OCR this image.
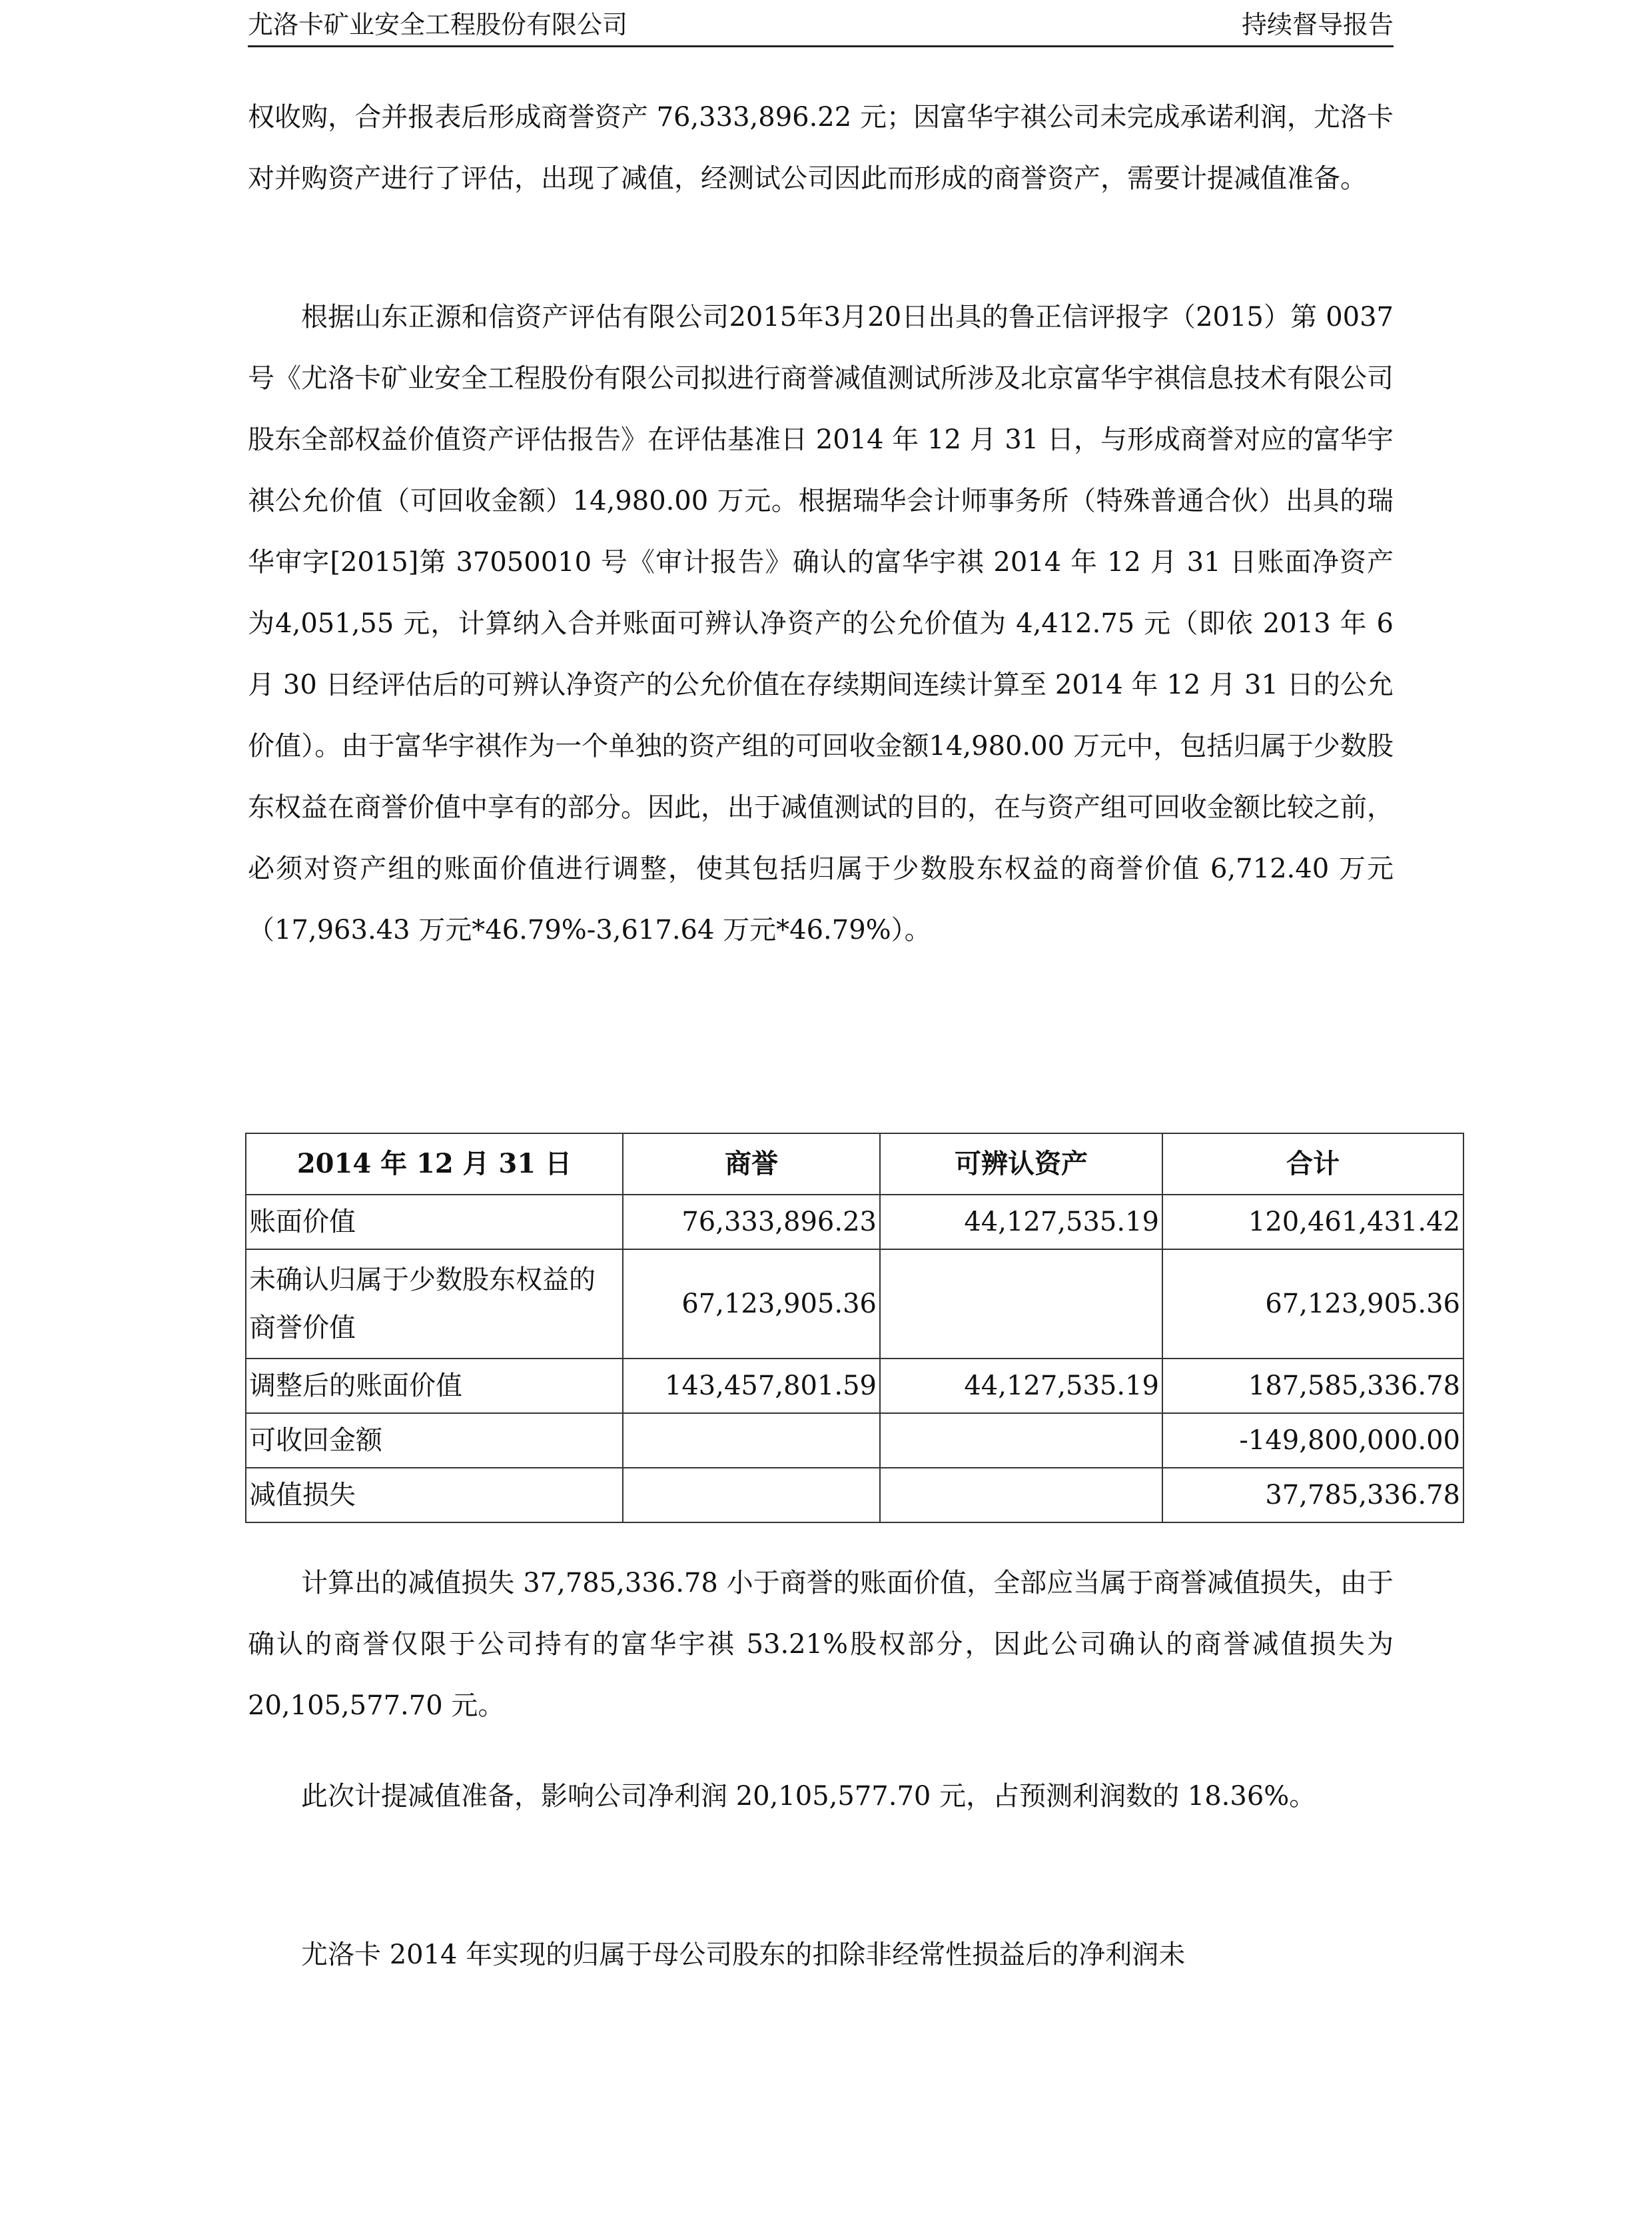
尤洛卡矿业安全工程股份有限公司	持续督导报告

权收购，合并报表后形成商誉资产 76,333,896.22 元；因富华宇祺公司未完成承诺利润，尤洛卡对并购资产进行了评估，出现了减值，经测试公司因此而形成的商誉资产，需要计提减值准备。

根据山东正源和信资产评估有限公司2015年3月20日出具的鲁正信评报字（2015）第 0037 号《尤洛卡矿业安全工程股份有限公司拟进行商誉减值测试所涉及北京富华宇祺信息技术有限公司股东全部权益价值资产评估报告》在评估基准日 2014 年 12 月 31 日，与形成商誉对应的富华宇祺公允价值（可回收金额）14,980.00 万元。根据瑞华会计师事务所（特殊普通合伙）出具的瑞华审字[2015]第 37050010 号《审计报告》确认的富华宇祺 2014 年 12 月 31 日账面净资产为4,051,55 元，计算纳入合并账面可辨认净资产的公允价值为 4,412.75 元（即依 2013 年 6 月 30 日经评估后的可辨认净资产的公允价值在存续期间连续计算至 2014 年 12 月 31 日的公允价值）。由于富华宇祺作为一个单独的资产组的可回收金额14,980.00 万元中，包括归属于少数股东权益在商誉价值中享有的部分。因此，出于减值测试的目的，在与资产组可回收金额比较之前，必须对资产组的账面价值进行调整，使其包括归属于少数股东权益的商誉价值 6,712.40 万元（17,963.43 万元*46.79%-3,617.64 万元*46.79%）。

2014 年 12 月 31 日	商誉	可辨认资产	合计
账面价值	76,333,896.23	44,127,535.19	120,461,431.42
未确认归属于少数股东权益的商誉价值	67,123,905.36		67,123,905.36
调整后的账面价值	143,457,801.59	44,127,535.19	187,585,336.78
可收回金额			-149,800,000.00
减值损失			37,785,336.78

计算出的减值损失 37,785,336.78 小于商誉的账面价值，全部应当属于商誉减值损失，由于确认的商誉仅限于公司持有的富华宇祺 53.21%股权部分，因此公司确认的商誉减值损失为 20,105,577.70 元。

此次计提减值准备，影响公司净利润 20,105,577.70 元，占预测利润数的 18.36%。

尤洛卡 2014 年实现的归属于母公司股东的扣除非经常性损益后的净利润未
